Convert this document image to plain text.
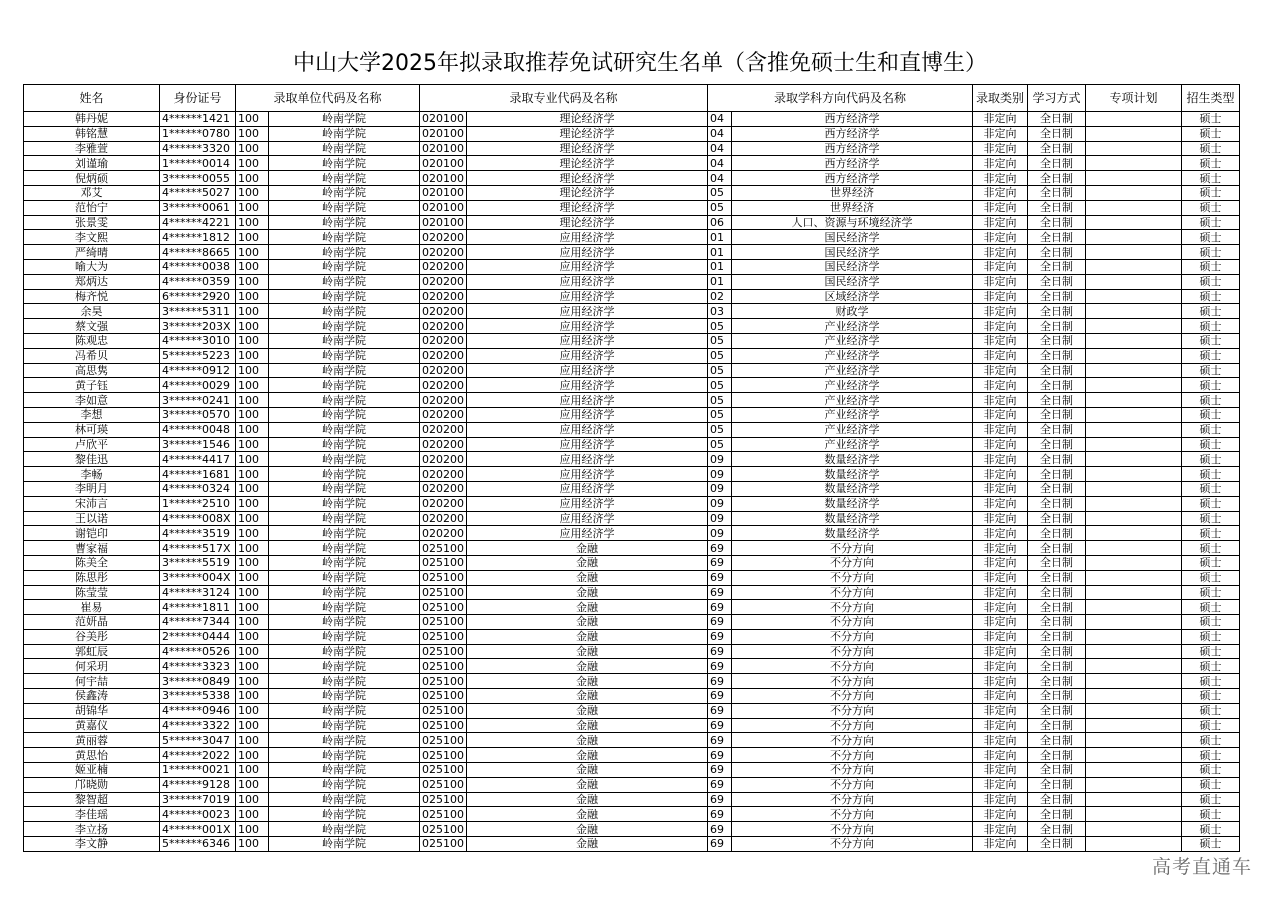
中山大学2025年拟录取推荐免试研究生名单（含推免硕士生和直博生）
姓名	身份证号	录取单位代码及名称		录取专业代码及名称		录取学科方向代码及名称		录取类别	学习方式	专项计划	招生类型
韩丹妮	4******1421	100	岭南学院	020100	理论经济学	04	西方经济学	非定向	全日制		硕士
韩铭慧	1******0780	100	岭南学院	020100	理论经济学	04	西方经济学	非定向	全日制		硕士
李雅萱	4******3320	100	岭南学院	020100	理论经济学	04	西方经济学	非定向	全日制		硕士
刘谨瑜	1******0014	100	岭南学院	020100	理论经济学	04	西方经济学	非定向	全日制		硕士
倪炳硕	3******0055	100	岭南学院	020100	理论经济学	04	西方经济学	非定向	全日制		硕士
邓艾	4******5027	100	岭南学院	020100	理论经济学	05	世界经济	非定向	全日制		硕士
范怡宁	3******0061	100	岭南学院	020100	理论经济学	05	世界经济	非定向	全日制		硕士
张景雯	4******4221	100	岭南学院	020100	理论经济学	06	人口、资源与环境经济学	非定向	全日制		硕士
李文熙	4******1812	100	岭南学院	020200	应用经济学	01	国民经济学	非定向	全日制		硕士
严绮晴	4******8665	100	岭南学院	020200	应用经济学	01	国民经济学	非定向	全日制		硕士
喻大为	4******0038	100	岭南学院	020200	应用经济学	01	国民经济学	非定向	全日制		硕士
郑炳达	4******0359	100	岭南学院	020200	应用经济学	01	国民经济学	非定向	全日制		硕士
梅齐悦	6******2920	100	岭南学院	020200	应用经济学	02	区域经济学	非定向	全日制		硕士
余昊	3******5311	100	岭南学院	020200	应用经济学	03	财政学	非定向	全日制		硕士
蔡文强	3******203X	100	岭南学院	020200	应用经济学	05	产业经济学	非定向	全日制		硕士
陈观忠	4******3010	100	岭南学院	020200	应用经济学	05	产业经济学	非定向	全日制		硕士
冯希贝	5******5223	100	岭南学院	020200	应用经济学	05	产业经济学	非定向	全日制		硕士
高思隽	4******0912	100	岭南学院	020200	应用经济学	05	产业经济学	非定向	全日制		硕士
黄子钰	4******0029	100	岭南学院	020200	应用经济学	05	产业经济学	非定向	全日制		硕士
李如意	3******0241	100	岭南学院	020200	应用经济学	05	产业经济学	非定向	全日制		硕士
李想	3******0570	100	岭南学院	020200	应用经济学	05	产业经济学	非定向	全日制		硕士
林可瑛	4******0048	100	岭南学院	020200	应用经济学	05	产业经济学	非定向	全日制		硕士
卢欣平	3******1546	100	岭南学院	020200	应用经济学	05	产业经济学	非定向	全日制		硕士
黎佳迅	4******4417	100	岭南学院	020200	应用经济学	09	数量经济学	非定向	全日制		硕士
李畅	4******1681	100	岭南学院	020200	应用经济学	09	数量经济学	非定向	全日制		硕士
李明月	4******0324	100	岭南学院	020200	应用经济学	09	数量经济学	非定向	全日制		硕士
宋沛言	1******2510	100	岭南学院	020200	应用经济学	09	数量经济学	非定向	全日制		硕士
王以诺	4******008X	100	岭南学院	020200	应用经济学	09	数量经济学	非定向	全日制		硕士
谢铠印	4******3519	100	岭南学院	020200	应用经济学	09	数量经济学	非定向	全日制		硕士
曹家福	4******517X	100	岭南学院	025100	金融	69	不分方向	非定向	全日制		硕士
陈美全	3******5519	100	岭南学院	025100	金融	69	不分方向	非定向	全日制		硕士
陈思彤	3******004X	100	岭南学院	025100	金融	69	不分方向	非定向	全日制		硕士
陈莹莹	4******3124	100	岭南学院	025100	金融	69	不分方向	非定向	全日制		硕士
崔易	4******1811	100	岭南学院	025100	金融	69	不分方向	非定向	全日制		硕士
范妍晶	4******7344	100	岭南学院	025100	金融	69	不分方向	非定向	全日制		硕士
谷美彤	2******0444	100	岭南学院	025100	金融	69	不分方向	非定向	全日制		硕士
郭虹辰	4******0526	100	岭南学院	025100	金融	69	不分方向	非定向	全日制		硕士
何采玥	4******3323	100	岭南学院	025100	金融	69	不分方向	非定向	全日制		硕士
何宇喆	3******0849	100	岭南学院	025100	金融	69	不分方向	非定向	全日制		硕士
侯鑫涛	3******5338	100	岭南学院	025100	金融	69	不分方向	非定向	全日制		硕士
胡锦华	4******0946	100	岭南学院	025100	金融	69	不分方向	非定向	全日制		硕士
黄嘉仪	4******3322	100	岭南学院	025100	金融	69	不分方向	非定向	全日制		硕士
黄丽蓉	5******3047	100	岭南学院	025100	金融	69	不分方向	非定向	全日制		硕士
黄思怡	4******2022	100	岭南学院	025100	金融	69	不分方向	非定向	全日制		硕士
姬亚楠	1******0021	100	岭南学院	025100	金融	69	不分方向	非定向	全日制		硕士
邝晓勋	4******9128	100	岭南学院	025100	金融	69	不分方向	非定向	全日制		硕士
黎智超	3******7019	100	岭南学院	025100	金融	69	不分方向	非定向	全日制		硕士
李佳瑶	4******0023	100	岭南学院	025100	金融	69	不分方向	非定向	全日制		硕士
李立扬	4******001X	100	岭南学院	025100	金融	69	不分方向	非定向	全日制		硕士
李文静	5******6346	100	岭南学院	025100	金融	69	不分方向	非定向	全日制		硕士
高考直通车
